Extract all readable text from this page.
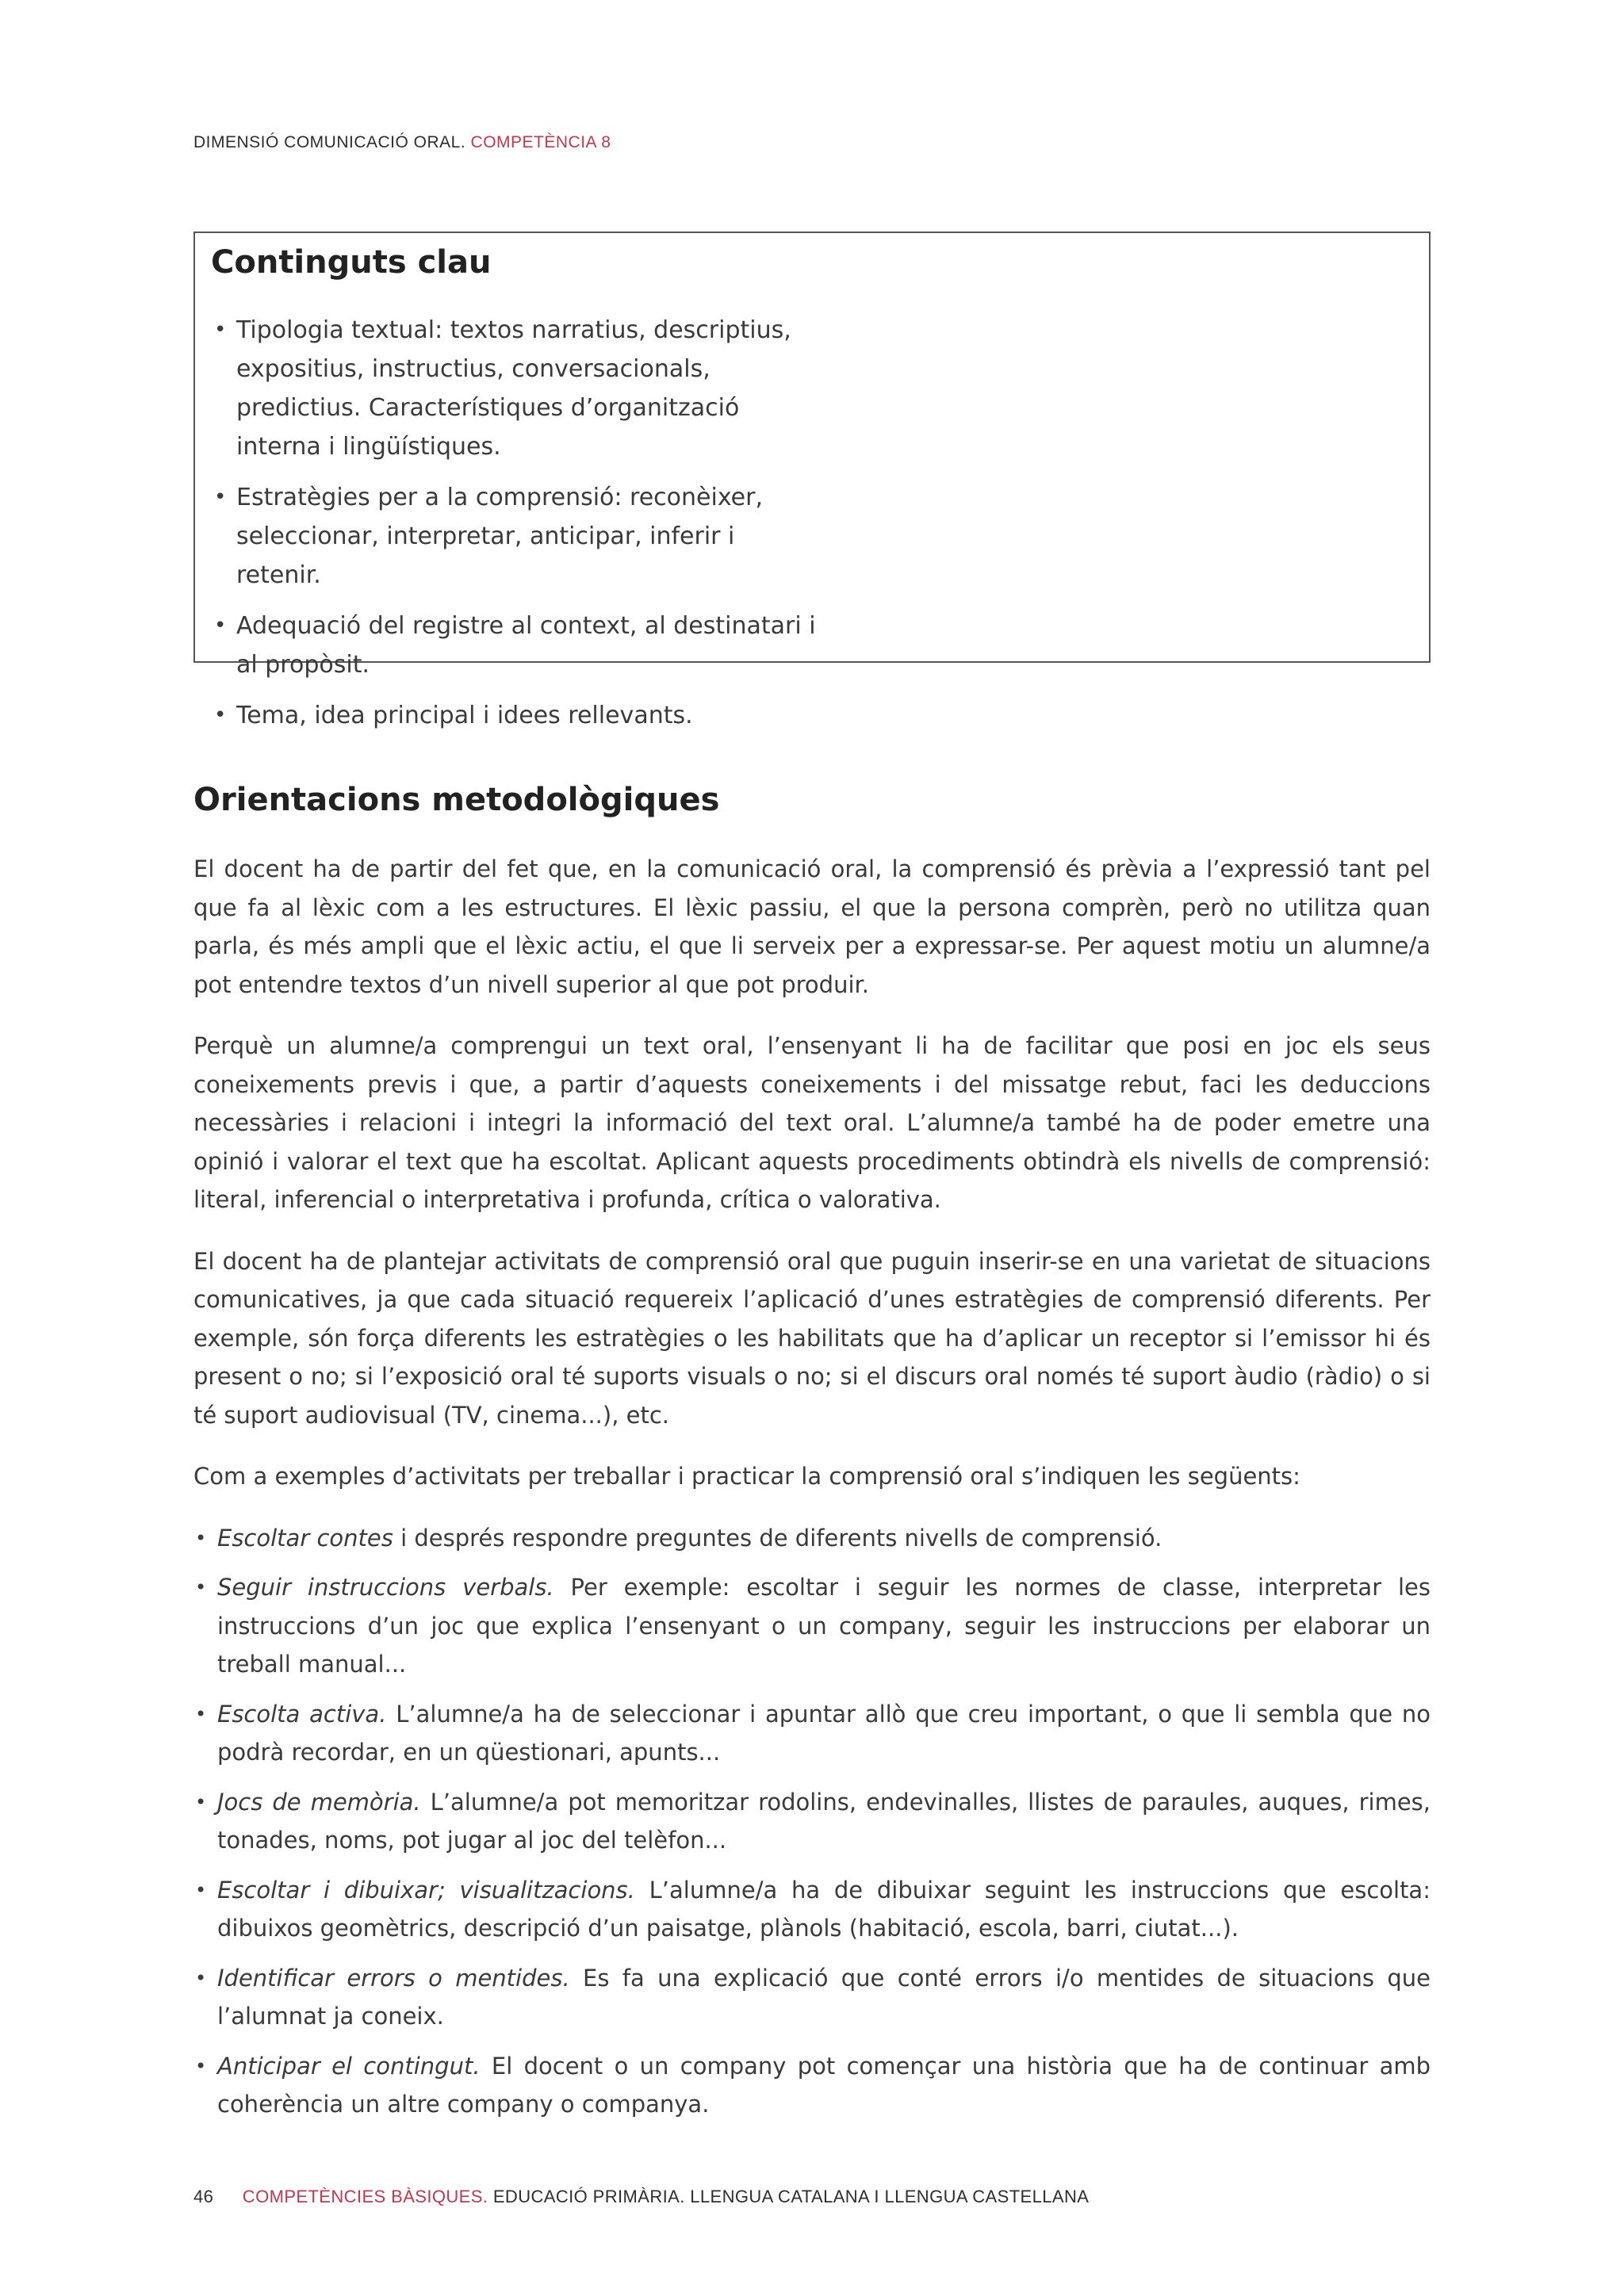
DIMENSIÓ COMUNICACIÓ ORAL. COMPETÈNCIA 8
Continguts clau
• Tipologia textual: textos narratius, descriptius, expositius, instructius, conversacionals, predictius. Característiques d’organització interna i lingüístiques.
• Estratègies per a la comprensió: reconèixer, seleccionar, interpretar, anticipar, inferir i retenir.
• Adequació del registre al context, al destinatari i al propòsit.
• Tema, idea principal i idees rellevants.
Orientacions metodològiques

El docent ha de partir del fet que, en la comunicació oral, la comprensió és prèvia a l’expressió tant pel que fa al lèxic com a les estructures. El lèxic passiu, el que la persona comprèn, però no utilitza quan parla, és més ampli que el lèxic actiu, el que li serveix per a expressar-se. Per aquest motiu un alumne/a pot entendre textos d’un nivell superior al que pot produir.

Perquè un alumne/a comprengui un text oral, l’ensenyant li ha de facilitar que posi en joc els seus coneixements previs i que, a partir d’aquests coneixements i del missatge rebut, faci les deduccions necessàries i relacioni i integri la informació del text oral. L’alumne/a també ha de poder emetre una opinió i valorar el text que ha escoltat. Aplicant aquests procediments obtindrà els nivells de comprensió: literal, inferencial o interpretativa i profunda, crítica o valorativa.

El docent ha de plantejar activitats de comprensió oral que puguin inserir-se en una varietat de situacions comunicatives, ja que cada situació requereix l’aplicació d’unes estratègies de comprensió diferents. Per exemple, són força diferents les estratègies o les habilitats que ha d’aplicar un receptor si l’emissor hi és present o no; si l’exposició oral té suports visuals o no; si el discurs oral només té suport àudio (ràdio) o si té suport audiovisual (TV, cinema...), etc.

Com a exemples d’activitats per treballar i practicar la comprensió oral s’indiquen les següents:

• Escoltar contes i després respondre preguntes de diferents nivells de comprensió.
• Seguir instruccions verbals. Per exemple: escoltar i seguir les normes de classe, interpretar les instruccions d’un joc que explica l’ensenyant o un company, seguir les instruccions per elaborar un treball manual...
• Escolta activa. L’alumne/a ha de seleccionar i apuntar allò que creu important, o que li sembla que no podrà recordar, en un qüestionari, apunts...
• Jocs de memòria. L’alumne/a pot memoritzar rodolins, endevinalles, llistes de paraules, auques, rimes, tonades, noms, pot jugar al joc del telèfon...
• Escoltar i dibuixar; visualitzacions. L’alumne/a ha de dibuixar seguint les instruccions que escolta: dibuixos geomètrics, descripció d’un paisatge, plànols (habitació, escola, barri, ciutat...).
• Identificar errors o mentides. Es fa una explicació que conté errors i/o mentides de situacions que l’alumnat ja coneix.
• Anticipar el contingut. El docent o un company pot començar una història que ha de continuar amb coherència un altre company o companya.
46 COMPETÈNCIES BÀSIQUES. EDUCACIÓ PRIMÀRIA. LLENGUA CATALANA I LLENGUA CASTELLANA
